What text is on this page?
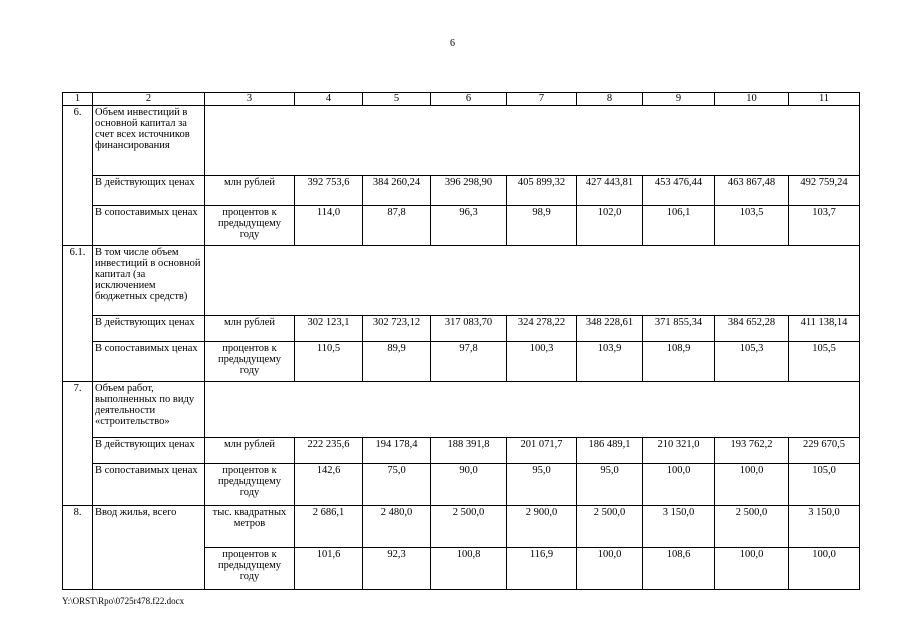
6
1	2	3	4	5	6	7	8	9	10	11
6.	Объем инвестиций в основной капитал за счет всех источников финансирования									
	В действующих ценах	млн рублей	392 753,6	384 260,24	396 298,90	405 899,32	427 443,81	453 476,44	463 867,48	492 759,24
	В сопоставимых ценах	процентов к предыдущему году	114,0	87,8	96,3	98,9	102,0	106,1	103,5	103,7
6.1.	В том числе объем инвестиций в основной капитал (за исключением бюджетных средств)									
	В действующих ценах	млн рублей	302 123,1	302 723,12	317 083,70	324 278,22	348 228,61	371 855,34	384 652,28	411 138,14
	В сопоставимых ценах	процентов к предыдущему году	110,5	89,9	97,8	100,3	103,9	108,9	105,3	105,5
7.	Объем работ, выполненных по виду деятельности «строительство»									
	В действующих ценах	млн рублей	222 235,6	194 178,4	188 391,8	201 071,7	186 489,1	210 321,0	193 762,2	229 670,5
	В сопоставимых ценах	процентов к предыдущему году	142,6	75,0	90,0	95,0	95,0	100,0	100,0	105,0
8.	Ввод жилья, всего	тыс. квадратных метров	2 686,1	2 480,0	2 500,0	2 900,0	2 500,0	3 150,0	2 500,0	3 150,0
		процентов к предыдущему году	101,6	92,3	100,8	116,9	100,0	108,6	100,0	100,0
Y:\ORST\Rpo\0725r478.f22.docx
